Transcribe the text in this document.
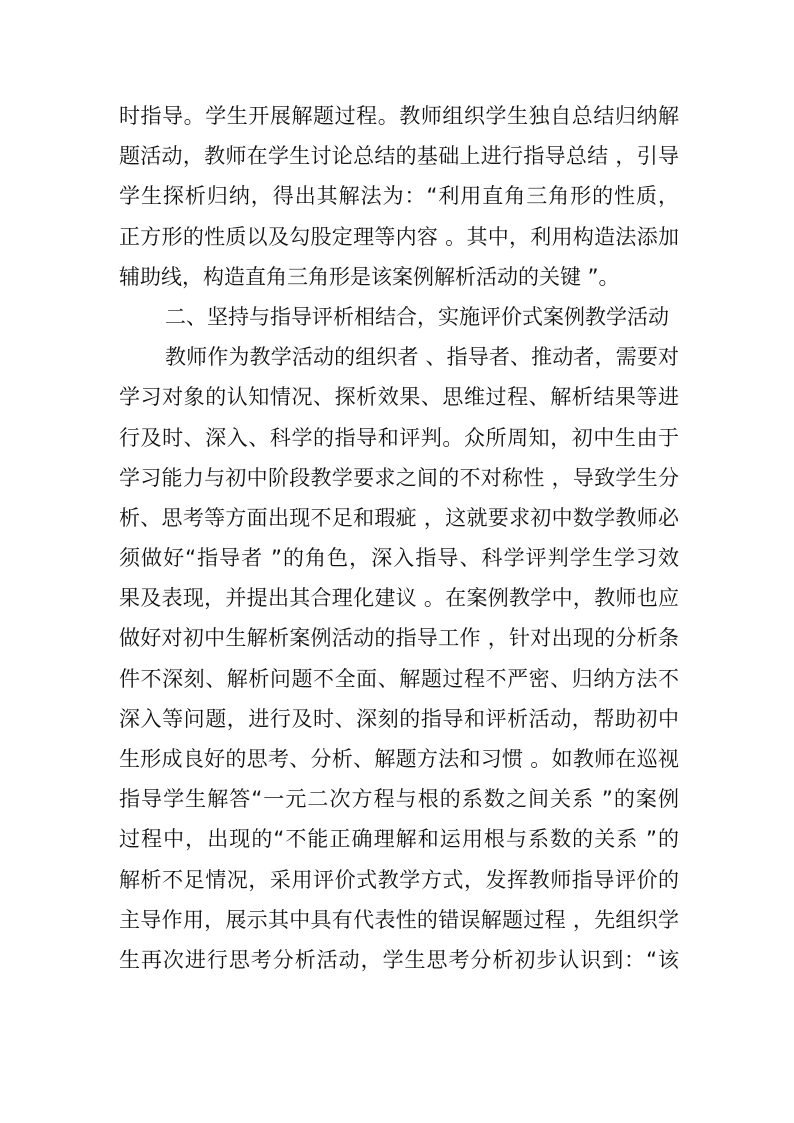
时指导。学生开展解题过程。教师组织学生独自总结归纳解
题活动，教师在学生讨论总结的基础上进行指导总结 ，引导
学生探析归纳，得出其解法为：“利用直角三角形的性质，
正方形的性质以及勾股定理等内容 。其中，利用构造法添加
辅助线，构造直角三角形是该案例解析活动的关键 ”。
二、坚持与指导评析相结合，实施评价式案例教学活动
教师作为教学活动的组织者 、指导者、推动者，需要对
学习对象的认知情况、探析效果、思维过程、解析结果等进
行及时、深入、科学的指导和评判。众所周知，初中生由于
学习能力与初中阶段教学要求之间的不对称性 ，导致学生分
析、思考等方面出现不足和瑕疵 ，这就要求初中数学教师必
须做好“指导者 ”的角色，深入指导、科学评判学生学习效
果及表现，并提出其合理化建议 。在案例教学中，教师也应
做好对初中生解析案例活动的指导工作 ，针对出现的分析条
件不深刻、解析问题不全面、解题过程不严密、归纳方法不
深入等问题，进行及时、深刻的指导和评析活动，帮助初中
生形成良好的思考、分析、解题方法和习惯 。如教师在巡视
指导学生解答“一元二次方程与根的系数之间关系 ”的案例
过程中，出现的“不能正确理解和运用根与系数的关系 ”的
解析不足情况，采用评价式教学方式，发挥教师指导评价的
主导作用，展示其中具有代表性的错误解题过程 ，先组织学
生再次进行思考分析活动，学生思考分析初步认识到：“该
